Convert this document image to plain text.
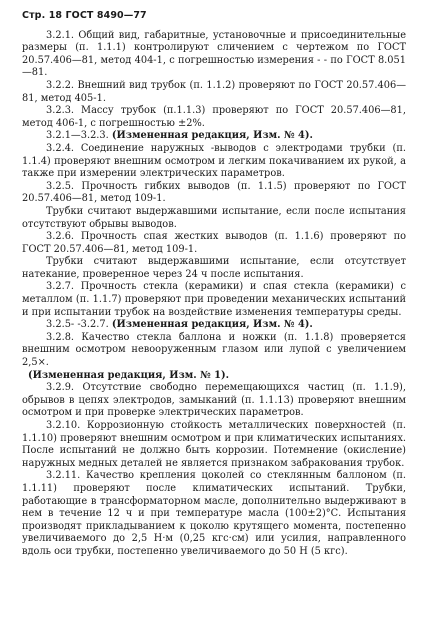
Стр. 18 ГОСТ 8490—77

3.2.1. Общий вид, габаритные, установочные и присоединительные размеры (п. 1.1.1) контролируют сличением с чертежом по ГОСТ 20.57.406—81, метод 404-1, с погрешностью измерения - - по ГОСТ 8.051—81.

3.2.2. Внешний вид трубок (п. 1.1.2) проверяют по ГОСТ 20.57.406—81, метод 405-1.

3.2.3. Массу трубок (п.1.1.3) проверяют по ГОСТ 20.57.406—81, метод 406-1, с погрешностью ±2%.

3.2.1—3.2.3. (Измененная редакция, Изм. № 4).

3.2.4. Соединение наружных -выводов с электродами трубки (п. 1.1.4) проверяют внешним осмотром и легким покачиванием их рукой, а также при измерении электрических параметров.

3.2.5. Прочность гибких выводов (п. 1.1.5) проверяют по ГОСТ 20.57.406—81, метод 109-1.

Трубки считают выдержавшими испытание, если после испытания отсутствуют обрывы выводов.

3.2.6. Прочность спая жестких выводов (п. 1.1.6) проверяют по ГОСТ 20.57.406—81, метод 109-1.

Трубки считают выдержавшими испытание, если отсутствует натекание, проверенное через 24 ч после испытания.

3.2.7. Прочность стекла (керамики) и спая стекла (керамики) с металлом (п. 1.1.7) проверяют при проведении механических испытаний и при испытании трубок на воздействие изменения температуры среды.

3.2.5- -3.2.7. (Измененная редакция, Изм. № 4).

3.2.8. Качество стекла баллона и ножки (п. 1.1.8) проверяется внешним осмотром невооруженным глазом или лупой с увеличением 2,5×.

(Измененная редакция, Изм. № 1).

3.2.9. Отсутствие свободно перемещающихся частиц (п. 1.1.9), обрывов в цепях электродов, замыканий (п. 1.1.13) проверяют внешним осмотром и при проверке электрических параметров.

3.2.10. Коррозионную стойкость металлических поверхностей (п. 1.1.10) проверяют внешним осмотром и при климатических испытаниях. После испытаний не должно быть коррозии. Потемнение (окисление) наружных медных деталей не является признаком забракования трубок.

3.2.11. Качество крепления цоколей со стеклянным баллоном (п. 1.1.11) проверяют после климатических испытаний. Трубки, работающие в трансформаторном масле, дополнительно выдерживают в нем в течение 12 ч и при температуре масла (100±2)°С. Испытания производят прикладыванием к цоколю крутящего момента, постепенно увеличиваемого до 2,5 Н·м (0,25 кгс·см) или усилия, направленного вдоль оси трубки, постепенно увеличиваемого до 50 Н (5 кгс).
